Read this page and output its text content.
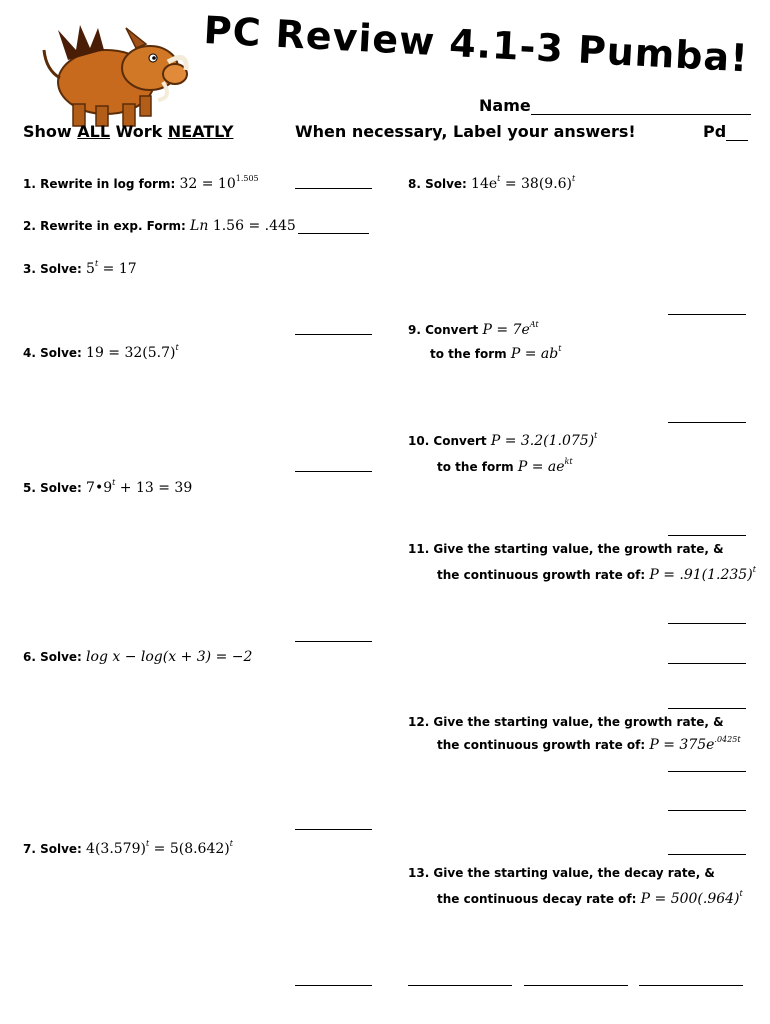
PC Review 4.1-3 Pumba!
Name
Show ALL Work NEATLY	When necessary, Label your answers!	Pd
1. Rewrite in log form: $32 = 10^{1.505}$
2. Rewrite in exp. Form: Ln 1.56 = .445
3. Solve: $5^t = 17$
4. Solve: $19 = 32(5.7)^t$
5. Solve: $7•9^t + 13 = 39$
6. Solve: log x − log(x + 3) = −2
7. Solve: $4(3.579)^t = 5(8.642)^t$
8. Solve: $14e^t = 38(9.6)^t$
9. Convert $P = 7e^{At}$
to the form $P = ab^t$
10. Convert $P = 3.2(1.075)^t$
to the form $P = ae^{kt}$
11. Give the starting value, the growth rate, &
the continuous growth rate of: $P = .91(1.235)^t$
12. Give the starting value, the growth rate, &
the continuous growth rate of: $P = 375e^{.0425t}$
13. Give the starting value, the decay rate, &
the continuous decay rate of: $P = 500(.964)^t$
